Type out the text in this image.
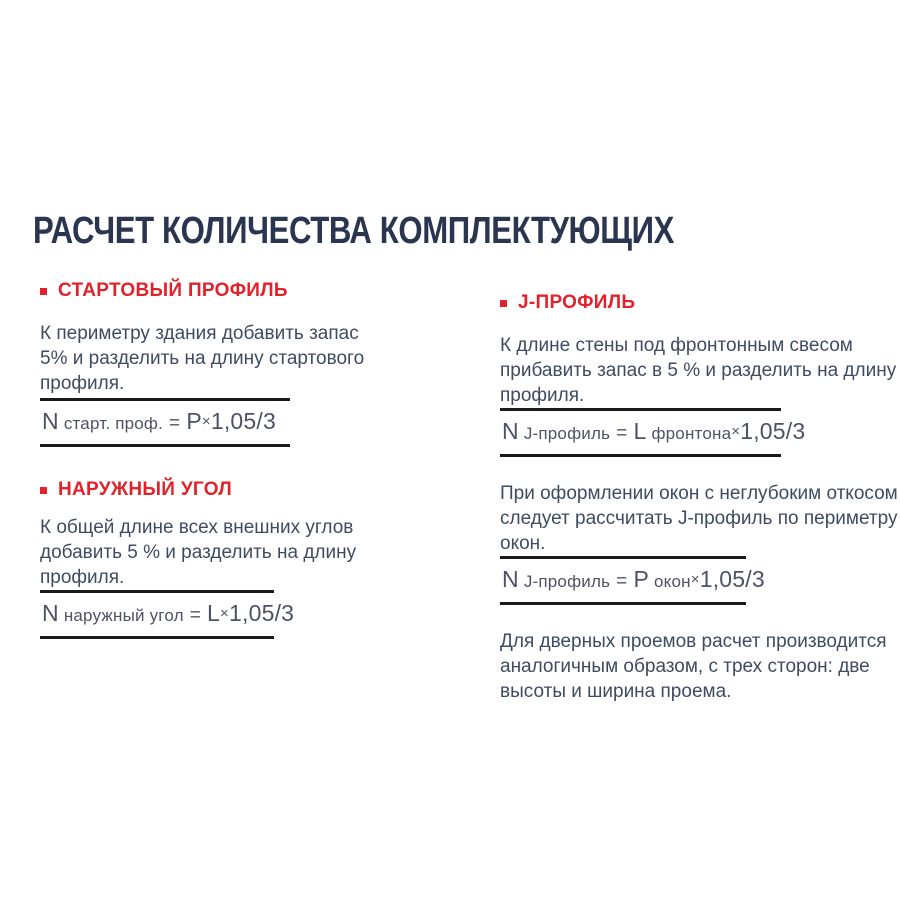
РАСЧЕТ КОЛИЧЕСТВА КОМПЛЕКТУЮЩИХ
СТАРТОВЫЙ ПРОФИЛЬ
К периметру здания добавить запас
5% и разделить на длину стартового
профиля.
N старт. проф. = P×1,05/3
НАРУЖНЫЙ УГОЛ
К общей длине всех внешних углов
добавить 5 % и разделить на длину
профиля.
N наружный угол = L×1,05/3
J-ПРОФИЛЬ
К длине стены под фронтонным свесом
прибавить запас в 5 % и разделить на длину
профиля.
N J-профиль = L фронтона×1,05/3
При оформлении окон с неглубоким откосом
следует рассчитать J-профиль по периметру
окон.
N J-профиль = P окон×1,05/3
Для дверных проемов расчет производится
аналогичным образом, с трех сторон: две
высоты и ширина проема.
